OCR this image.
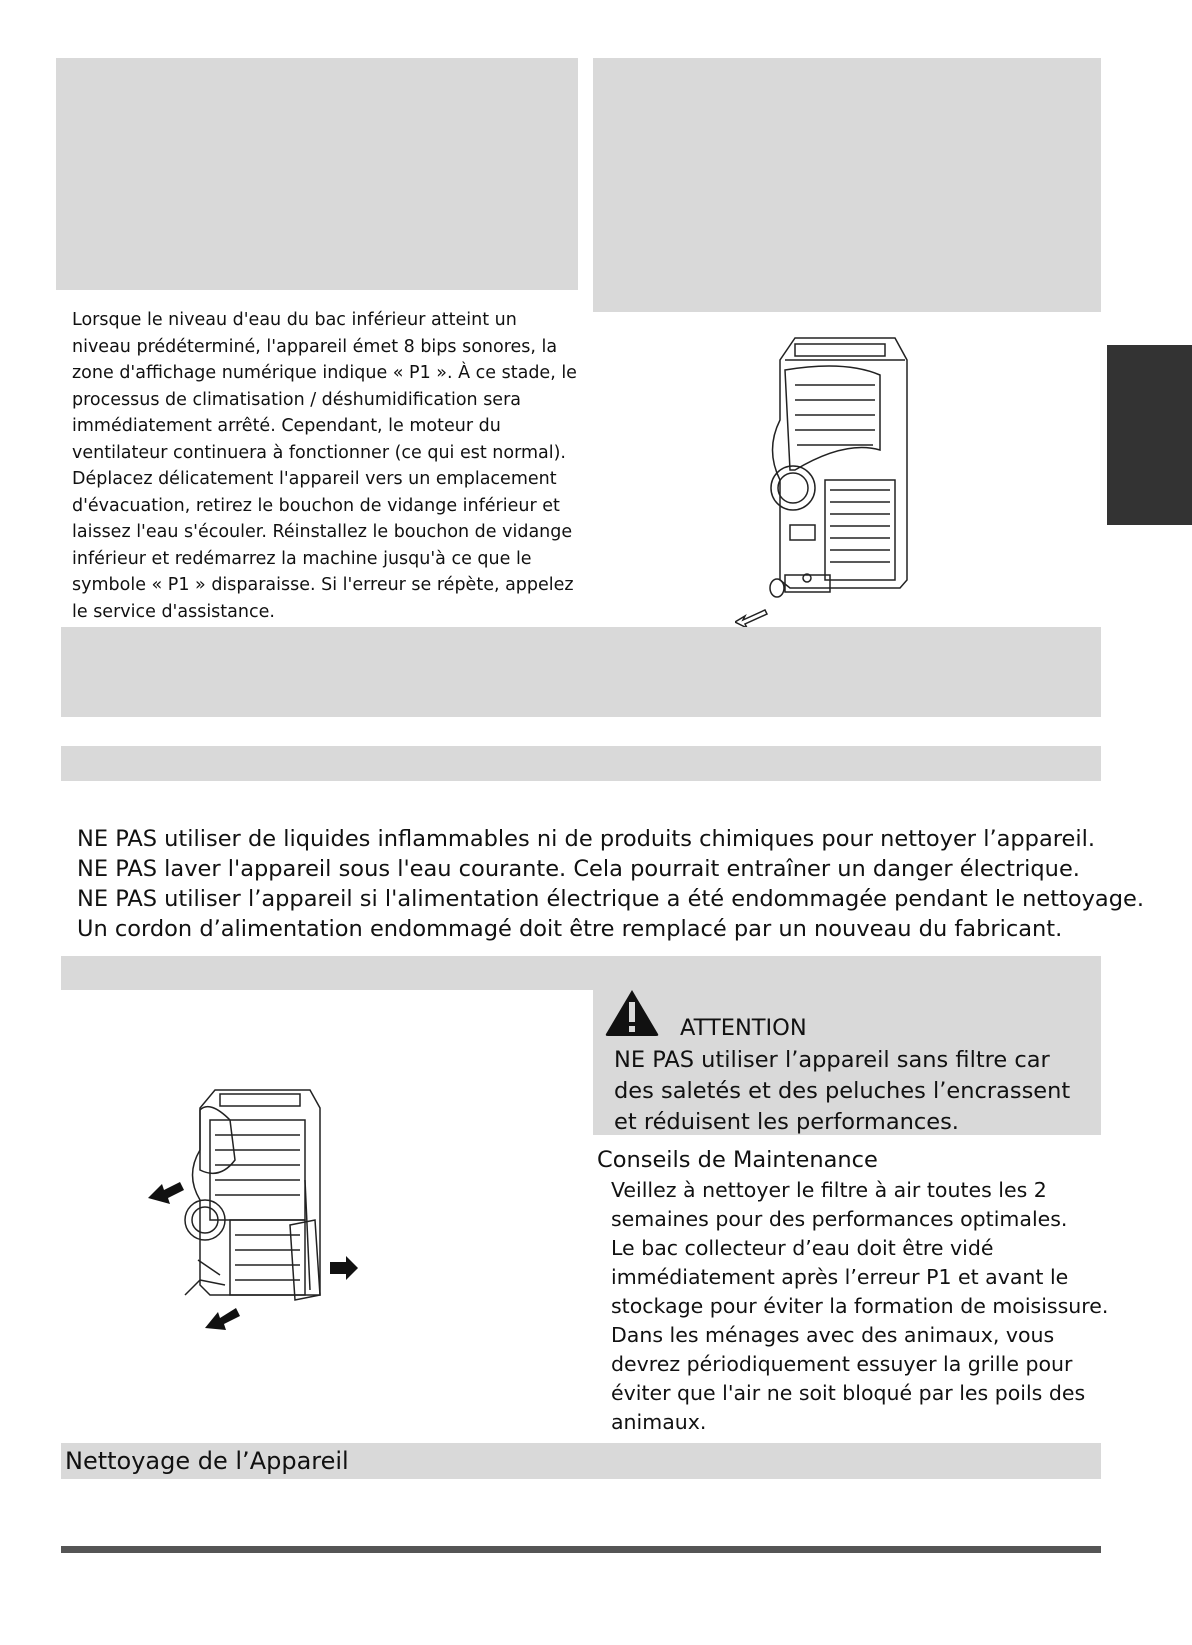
Lorsque le niveau d'eau du bac inférieur atteint un niveau prédéterminé, l'appareil émet 8 bips sonores, la zone d'affichage numérique indique « P1 ». À ce stade, le processus de climatisation / déshumidification sera immédiatement arrêté. Cependant, le moteur du ventilateur continuera à fonctionner (ce qui est normal). Déplacez délicatement l'appareil vers un emplacement d'évacuation, retirez le bouchon de vidange inférieur et laissez l'eau s'écouler. Réinstallez le bouchon de vidange inférieur et redémarrez la machine jusqu'à ce que le symbole « P1 » disparaisse. Si l'erreur se répète, appelez le service d'assistance.
NE PAS utiliser de liquides inflammables ni de produits chimiques pour nettoyer l’appareil.
NE PAS laver l'appareil sous l'eau courante. Cela pourrait entraîner un danger électrique.
NE PAS utiliser l’appareil si l'alimentation électrique a été endommagée pendant le nettoyage.
Un cordon d’alimentation endommagé doit être remplacé par un nouveau du fabricant.
ATTENTION
NE PAS utiliser l’appareil sans filtre car des saletés et des peluches l’encrassent et réduisent les performances.
Conseils de Maintenance
Veillez à nettoyer le filtre à air toutes les 2
semaines pour des performances optimales.
Le bac collecteur d’eau doit être vidé
immédiatement après l’erreur P1 et avant le
stockage pour éviter la formation de moisissure.
Dans les ménages avec des animaux, vous
devrez périodiquement essuyer la grille pour
éviter que l'air ne soit bloqué par les poils des
animaux.
Nettoyage de l’Appareil
